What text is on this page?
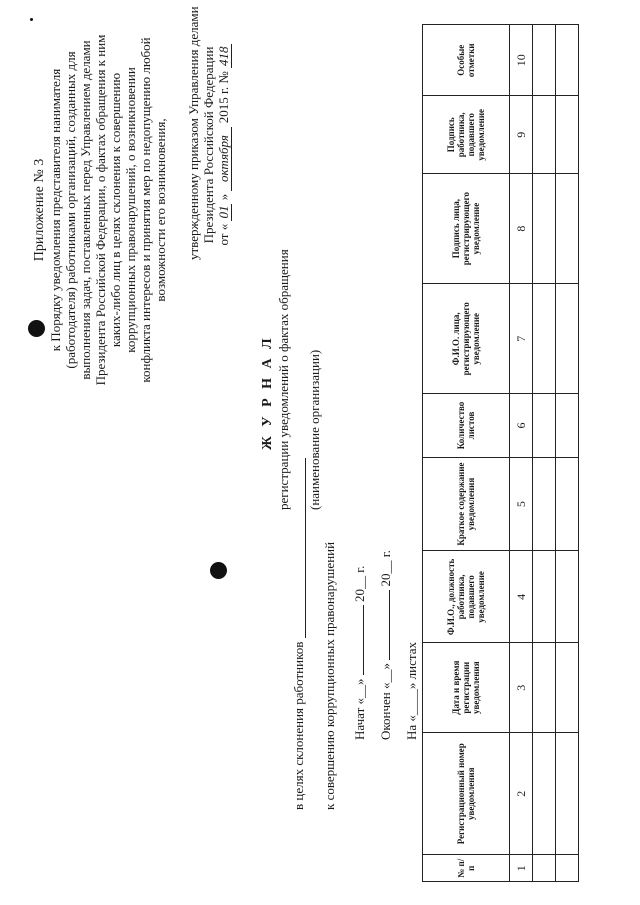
Приложение № 3 к Порядку уведомления представителя нанимателя (работодателя) работниками организаций, созданных для выполнения задач, поставленных перед Управлением делами Президента Российской Федерации, о фактах обращения к ним каких-либо лиц в целях склонения к совершению коррупционных правонарушений, о возникновении конфликта интересов и принятия мер по недопущению любой возможности его возникновения, утвержденному приказом Управления делами Президента Российской Федерации от « 01 » октября 2015 г. № 418
Ж У Р Н А Л регистрации уведомлений о фактах обращения
в целях склонения работников
(наименование организации)
к совершению коррупционных правонарушений Начат «__»  20__ г.
Окончен «__»  20__ г.
На «____» листах
№ п/п	Регистрационный номер уведомления	Дата и время регистрации уведомления	Ф.И.О., должность работника, подавшего уведомление	Краткое содержание уведомления	Количество листов	Ф.И.О. лица, регистрирующего уведомление	Подпись лица, регистрирующего уведомление	Подпись работника, подавшего уведомление	Особые отметки
1	2	3	4	5	6	7	8	9	10
